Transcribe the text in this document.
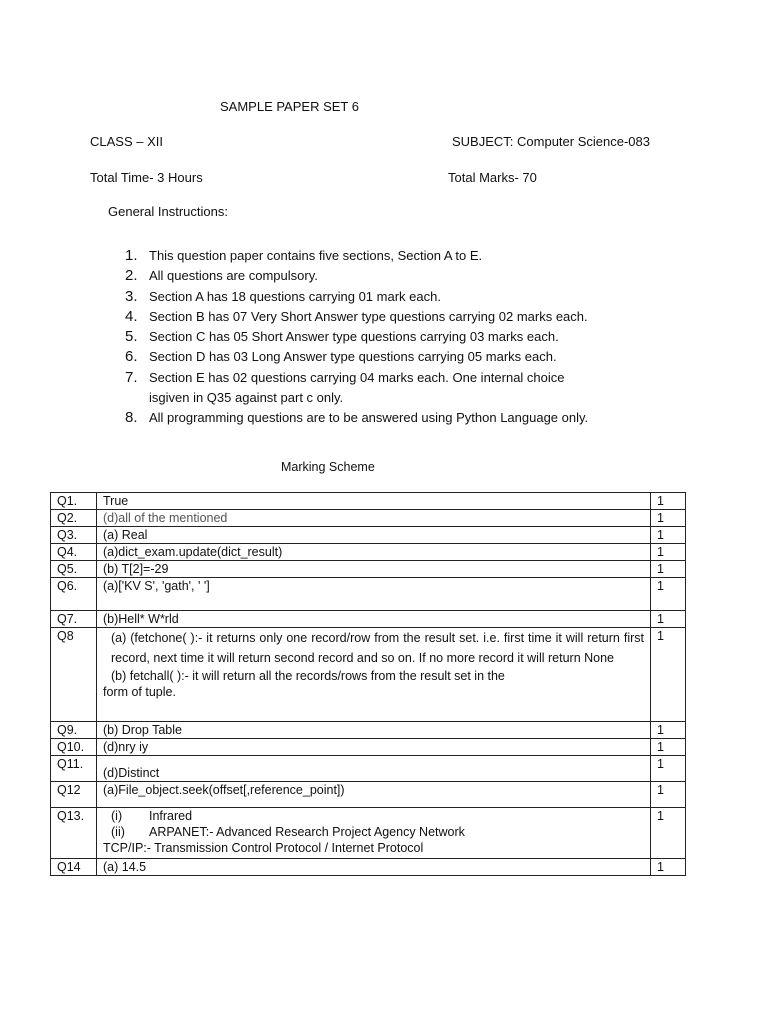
SAMPLE PAPER SET 6
CLASS – XII	SUBJECT: Computer Science-083
Total Time- 3 Hours	Total Marks- 70
General Instructions:
1. This question paper contains five sections, Section A to E.
2. All questions are compulsory.
3. Section A has 18 questions carrying 01 mark each.
4. Section B has 07 Very Short Answer type questions carrying 02 marks each.
5. Section C has 05 Short Answer type questions carrying 03 marks each.
6. Section D has 03 Long Answer type questions carrying 05 marks each.
7. Section E has 02 questions carrying 04 marks each. One internal choice
isgiven in Q35 against part c only.
8. All programming questions are to be answered using Python Language only.
Marking Scheme
Q1.	True	1
Q2.	(d)all of the mentioned	1
Q3.	(a) Real	1
Q4.	(a)dict_exam.update(dict_result)	1
Q5.	(b) T[2]=-29	1
Q6.	(a)['KV S', 'gath', ' ']	1
Q7.	(b)Hell* W*rld	1
Q8	(a) (fetchone( ):- it returns only one record/row from the result set. i.e. first time it will return first record, next time it will return second record and so on. If no more record it will return None
(b) fetchall( ):- it will return all the records/rows from the result set in the
form of tuple.	1
Q9.	(b) Drop Table	1
Q10.	(d)nry iy	1
Q11.	(d)Distinct	1
Q12	(a)File_object.seek(offset[,reference_point])	1
Q13.	(i) Infrared
(ii) ARPANET:- Advanced Research Project Agency Network
TCP/IP:- Transmission Control Protocol / Internet Protocol	1
Q14	(a) 14.5	1
